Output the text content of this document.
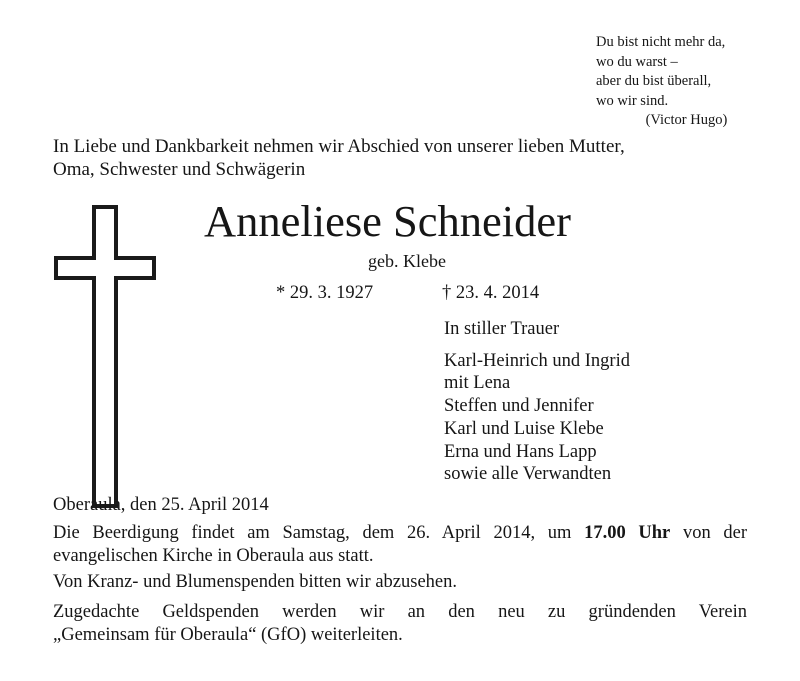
Du bist nicht mehr da,
wo du warst –
aber du bist überall,
wo wir sind.
(Victor Hugo)
In Liebe und Dankbarkeit nehmen wir Abschied von unserer lieben Mutter,
Oma, Schwester und Schwägerin
Anneliese Schneider
geb. Klebe
* 29. 3. 1927	† 23. 4. 2014
In stiller Trauer
Karl-Heinrich und Ingrid
mit Lena
Steffen und Jennifer
Karl und Luise Klebe
Erna und Hans Lapp
sowie alle Verwandten
Oberaula, den 25. April 2014
Die Beerdigung findet am Samstag, dem 26. April 2014, um 17.00 Uhr von der
evangelischen Kirche in Oberaula aus statt.
Von Kranz- und Blumenspenden bitten wir abzusehen.
Zugedachte Geldspenden werden wir an den neu zu gründenden Verein
„Gemeinsam für Oberaula“ (GfO) weiterleiten.
